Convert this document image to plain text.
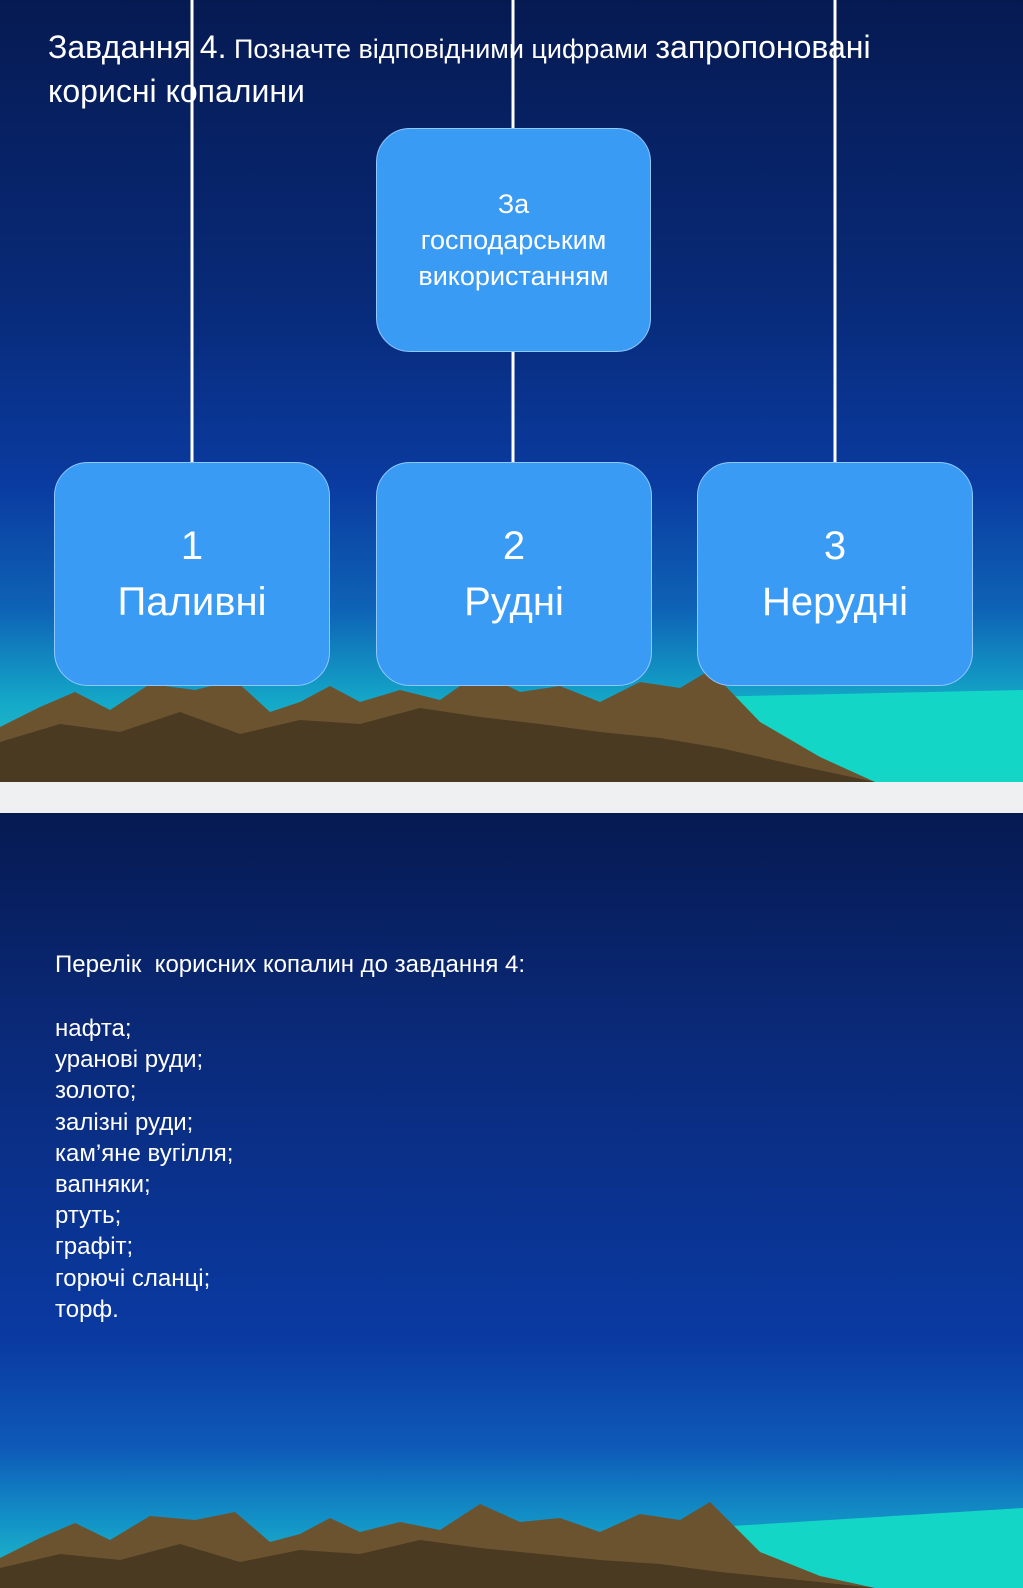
Завдання 4. Позначте відповідними цифрами запропоновані корисні копалини
За
господарським
використанням
1
Паливні
2
Рудні
3
Нерудні
Перелік  корисних копалин до завдання 4:
нафта;
уранові руди;
золото;
залізні руди;
кам’яне вугілля;
вапняки;
ртуть;
графіт;
горючі сланці;
торф.
